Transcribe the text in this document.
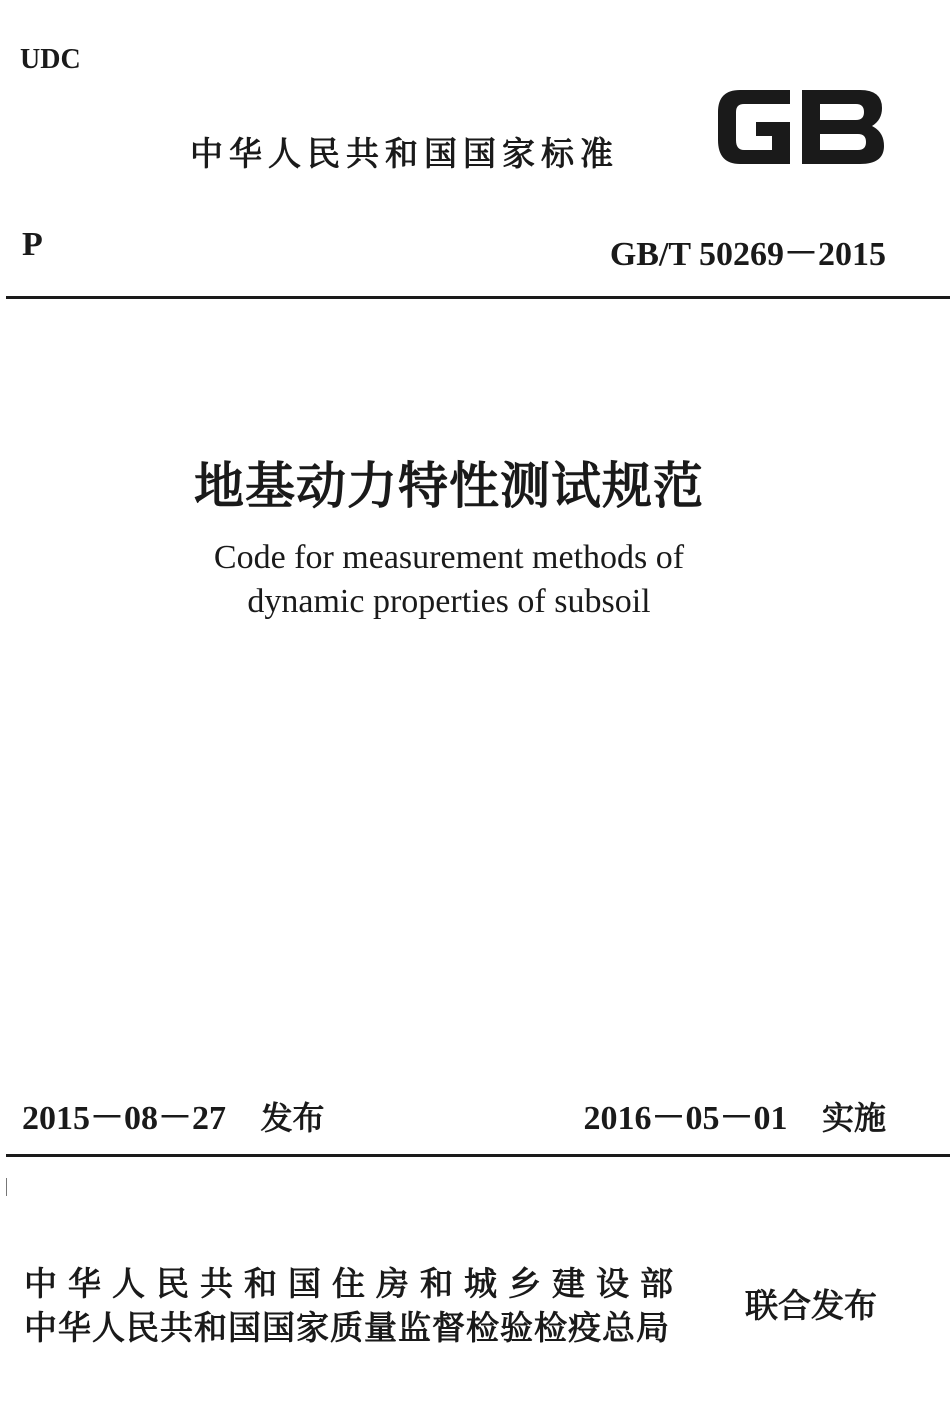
UDC
中华人民共和国国家标准
P	GB/T 50269－2015
地基动力特性测试规范
Code for measurement methods of
dynamic properties of subsoil
2015－08－27 发布	2016－05－01 实施
中华人民共和国住房和城乡建设部
中华人民共和国国家质量监督检验检疫总局
联合发布
